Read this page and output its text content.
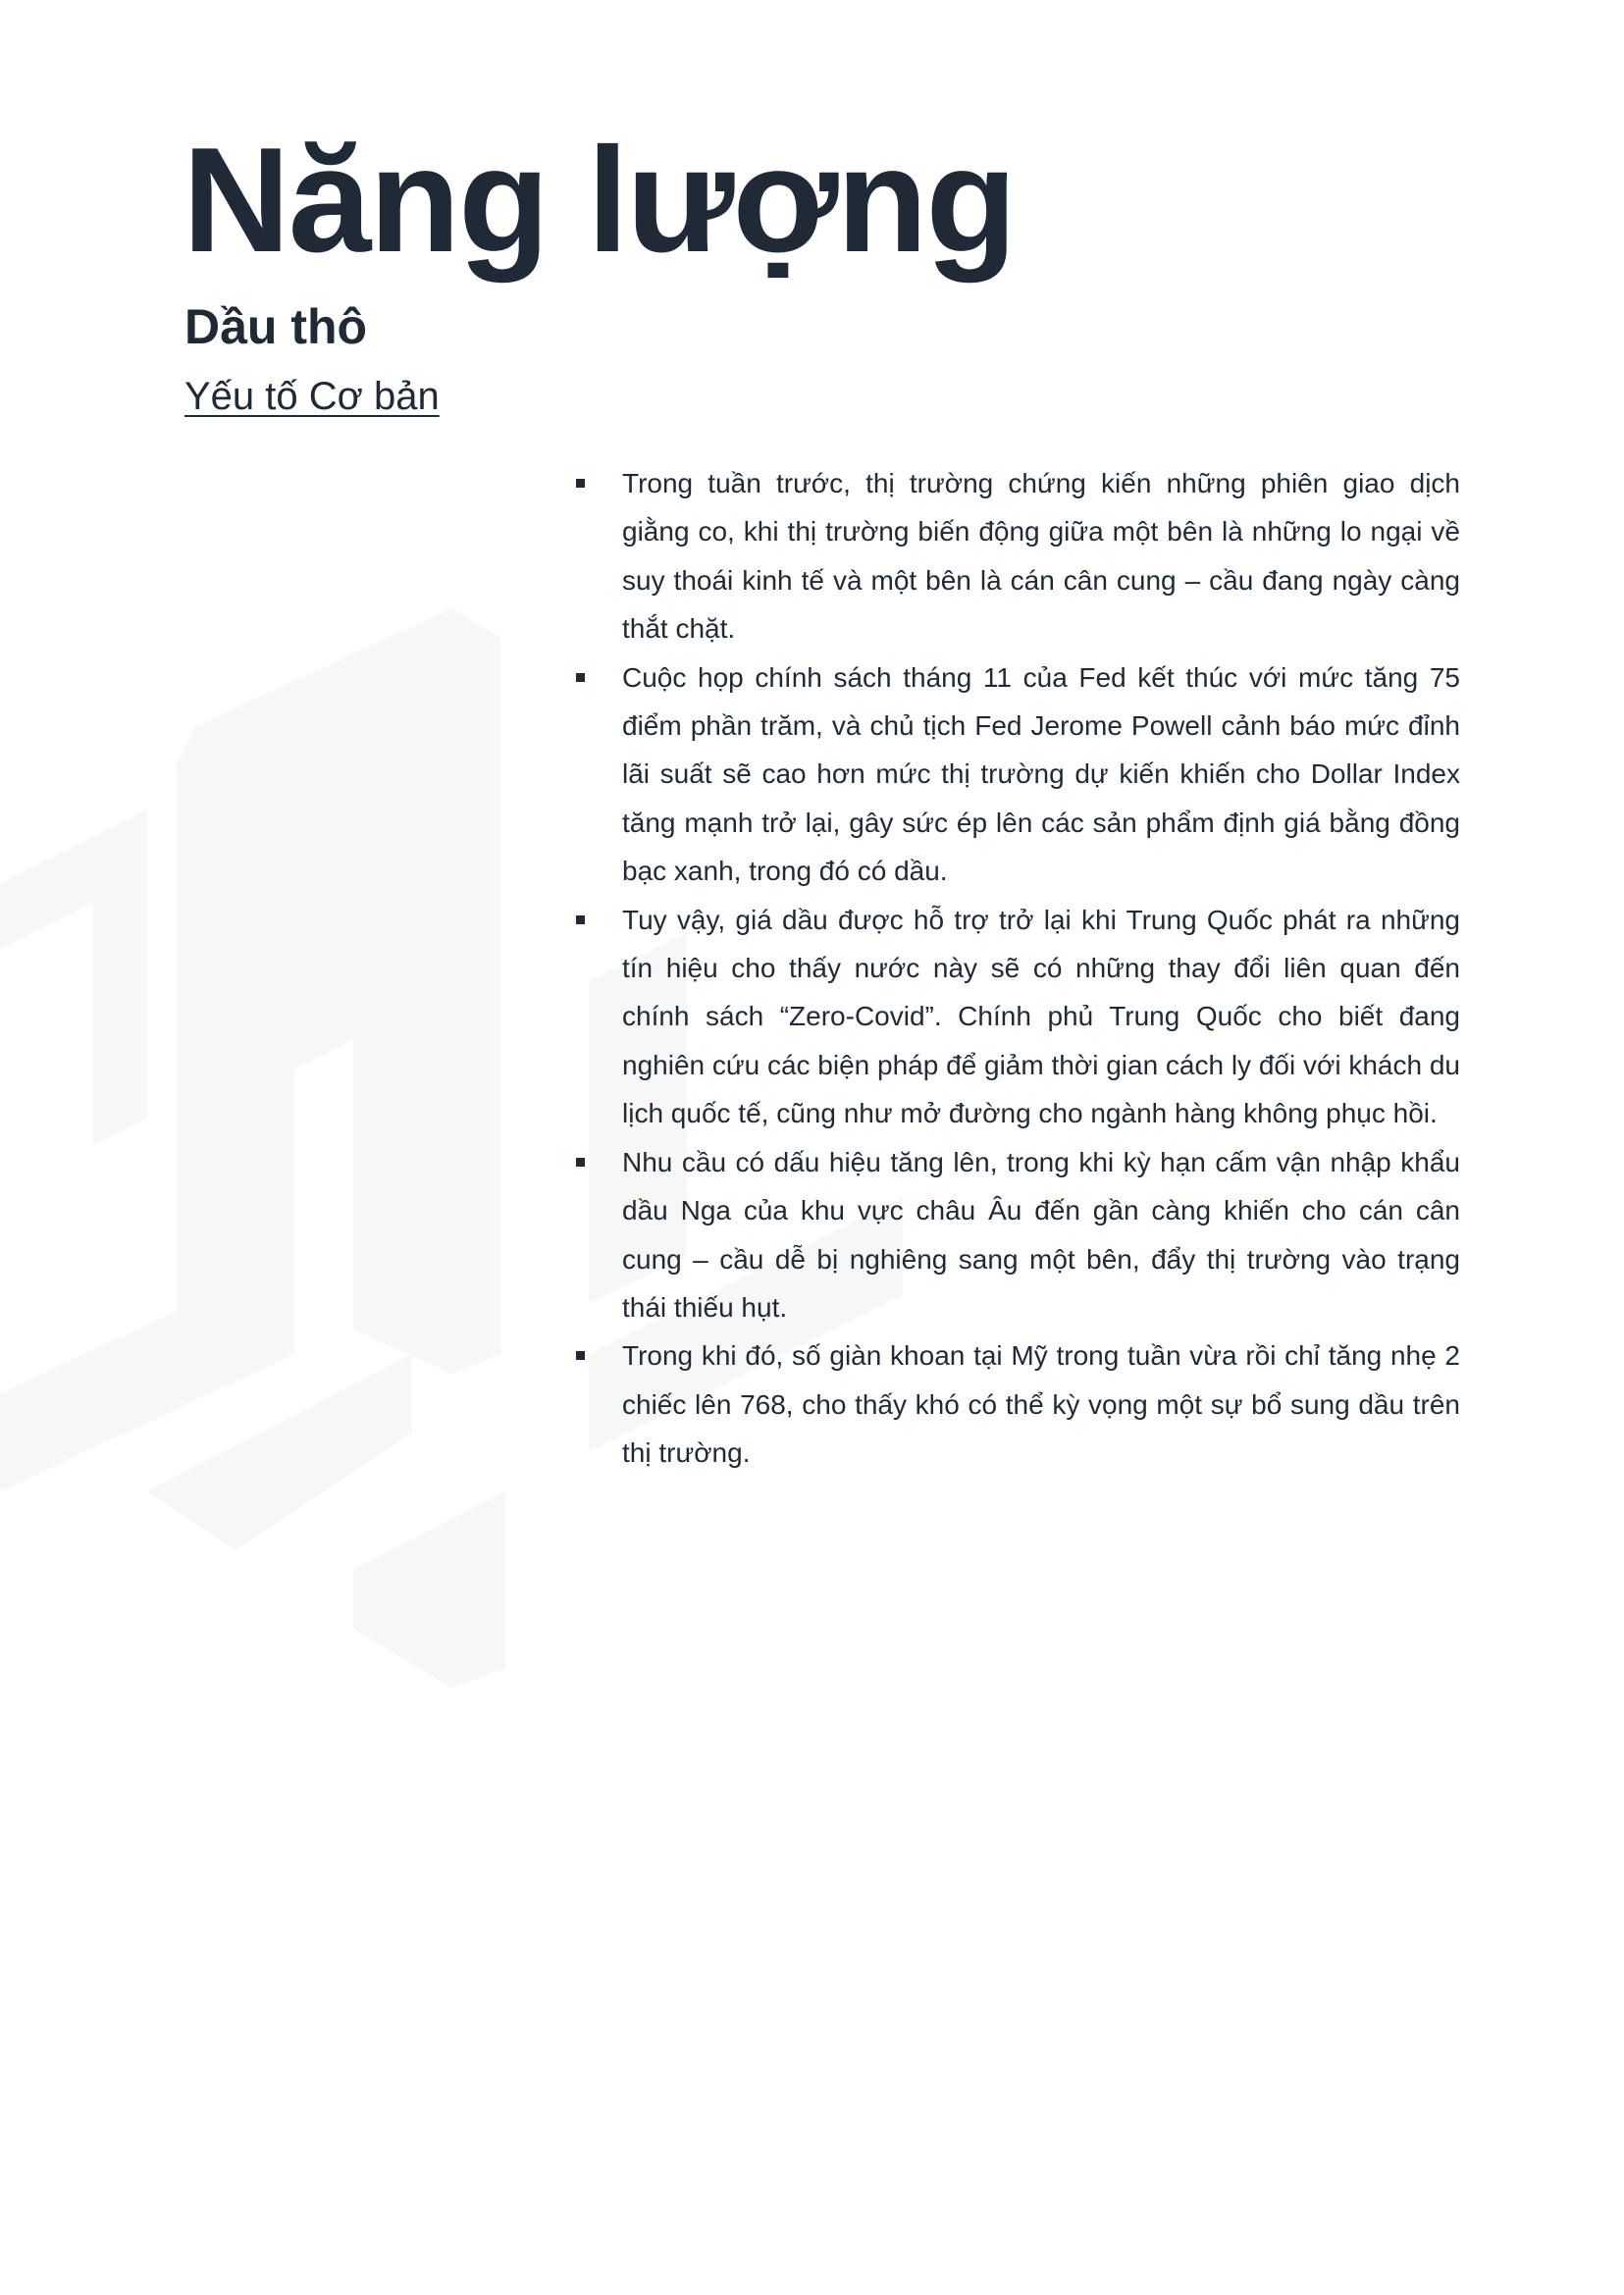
Năng lượng
Dầu thô
Yếu tố Cơ bản
Trong tuần trước, thị trường chứng kiến những phiên giao dịch giằng co, khi thị trường biến động giữa một bên là những lo ngại về suy thoái kinh tế và một bên là cán cân cung – cầu đang ngày càng thắt chặt.
Cuộc họp chính sách tháng 11 của Fed kết thúc với mức tăng 75 điểm phần trăm, và chủ tịch Fed Jerome Powell cảnh báo mức đỉnh lãi suất sẽ cao hơn mức thị trường dự kiến khiến cho Dollar Index tăng mạnh trở lại, gây sức ép lên các sản phẩm định giá bằng đồng bạc xanh, trong đó có dầu.
Tuy vậy, giá dầu được hỗ trợ trở lại khi Trung Quốc phát ra những tín hiệu cho thấy nước này sẽ có những thay đổi liên quan đến chính sách “Zero-Covid”. Chính phủ Trung Quốc cho biết đang nghiên cứu các biện pháp để giảm thời gian cách ly đối với khách du lịch quốc tế, cũng như mở đường cho ngành hàng không phục hồi.
Nhu cầu có dấu hiệu tăng lên, trong khi kỳ hạn cấm vận nhập khẩu dầu Nga của khu vực châu Âu đến gần càng khiến cho cán cân cung – cầu dễ bị nghiêng sang một bên, đẩy thị trường vào trạng thái thiếu hụt.
Trong khi đó, số giàn khoan tại Mỹ trong tuần vừa rồi chỉ tăng nhẹ 2 chiếc lên 768, cho thấy khó có thể kỳ vọng một sự bổ sung dầu trên thị trường.
